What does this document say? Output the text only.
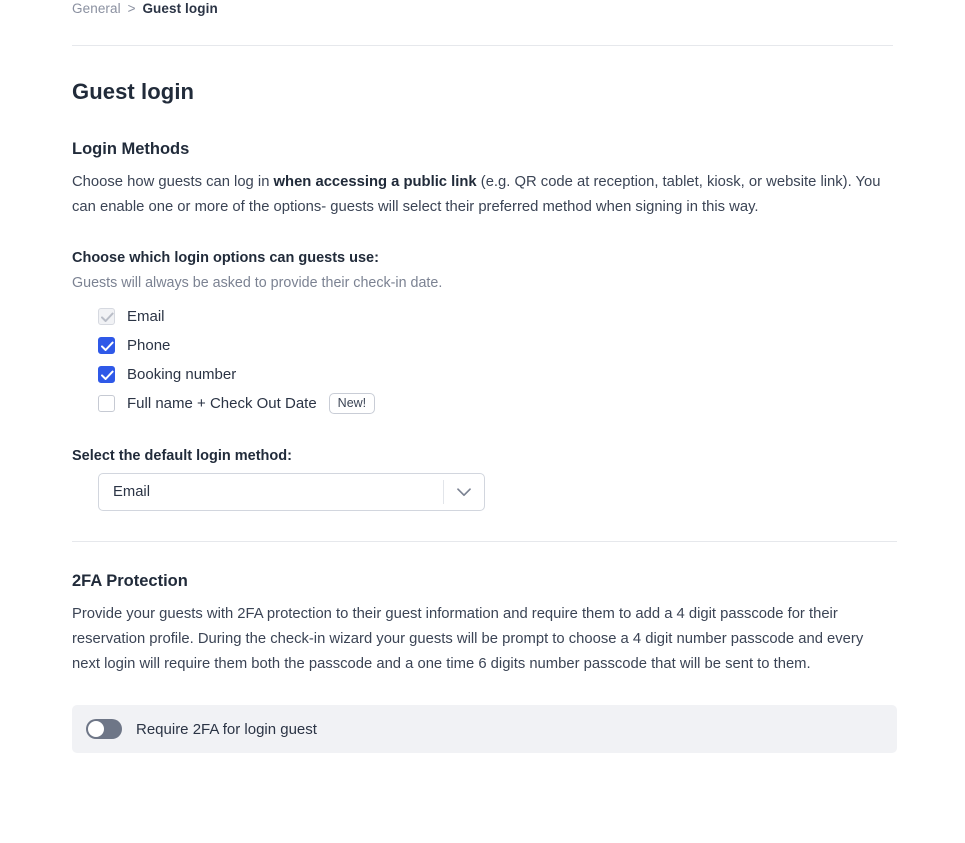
General > Guest login
Guest login
Login Methods

Choose how guests can log in when accessing a public link (e.g. QR code at reception, tablet, kiosk, or website link). You can enable one or more of the options- guests will select their preferred method when signing in this way.

Choose which login options can guests use:
Guests will always be asked to provide their check-in date.
Email
Phone
Booking number
Full name + Check Out Date	New!
Select the default login method:
Email
2FA Protection

Provide your guests with 2FA protection to their guest information and require them to add a 4 digit passcode for their reservation profile. During the check-in wizard your guests will be prompt to choose a 4 digit number passcode and every next login will require them both the passcode and a one time 6 digits number passcode that will be sent to them.

Require 2FA for login guest
